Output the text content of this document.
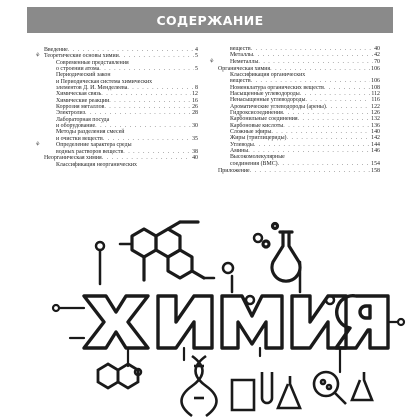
СОДЕРЖАНИЕ
Введение . . .	4
⚘ Теоретические основы химии . . .	5
Современные представления
о строении атома . . .	5
Периодический закон
и Периодическая система химических
элементов Д. И. Менделеева . . .	8
Химическая связь . . .	12
Химические реакции . . .	16
Коррозия металлов . . .	26
Электролиз . . .	28
Лабораторная посуда
и оборудование . . .	30
Методы разделения смесей
и очистки веществ . . .	35
⚘	Определение характера среды
водных растворов веществ . . .	38
Неорганическая химия . . .	40
Классификация неорганических
веществ . . .	40
Металлы . . .	42
⚘	Неметаллы . . .	70
Органическая химия . . .	106
Классификация органических
веществ . . .	106
Номенклатура органических веществ . . .	108
Насыщенные углеводороды . . .	112
Ненасыщенные углеводороды . . .	116
Ароматические углеводороды (арены) . . .	122
Гидроксисоединения . . .	126
Карбонильные соединения . . .	132
Карбоновые кислоты . . .	136
Сложные эфиры . . .	140
Жиры (триглицериды) . . .	142
Углеводы . . .	144
Амины . . .	146
Высокомолекулярные
соединения (ВМС) . . .	154
Приложение . . .	158
